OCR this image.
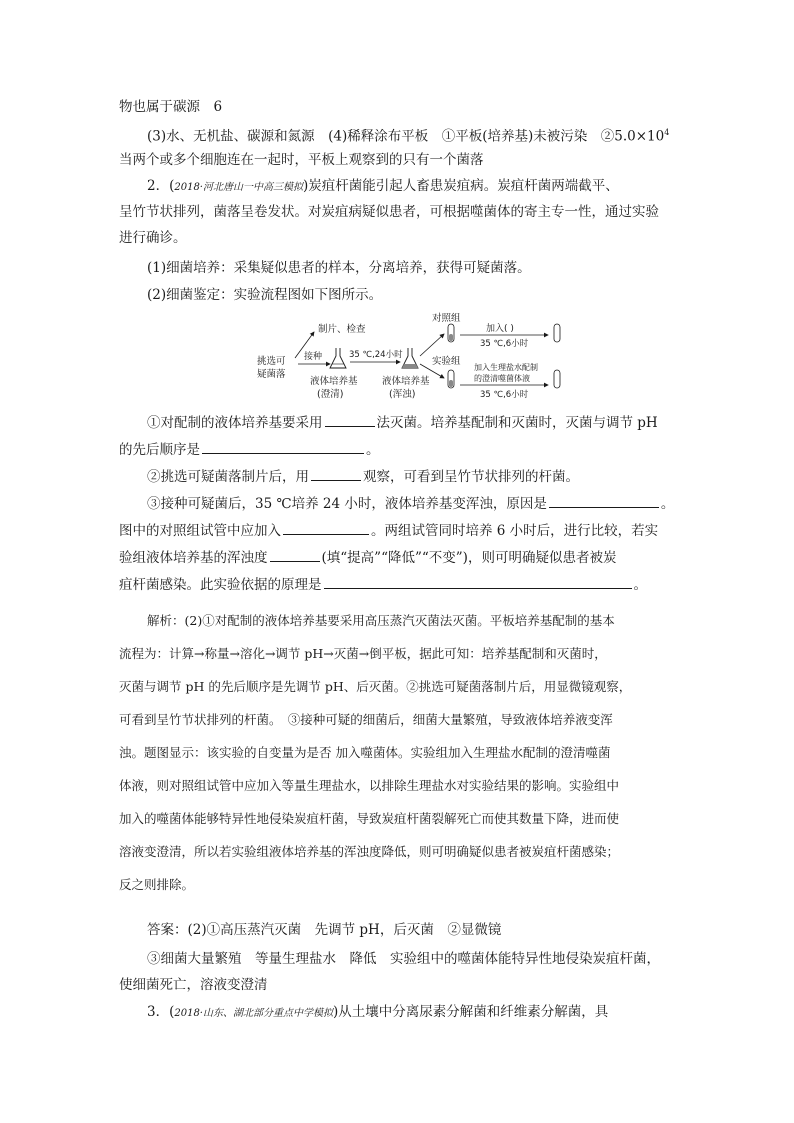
物也属于碳源　6
(3)水、无机盐、碳源和氮源　(4)稀释涂布平板　①平板(培养基)未被污染　$②5.0\times 10^4$
当两个或多个细胞连在一起时，平板上观察到的只有一个菌落
2．(2018·河北唐山一中高三模拟)炭疽杆菌能引起人畜患炭疽病。炭疽杆菌两端截平、
呈竹节状排列，菌落呈卷发状。对炭疽病疑似患者，可根据噬菌体的寄主专一性，通过实验
进行确诊。
(1)细菌培养：采集疑似患者的样本，分离培养，获得可疑菌落。
(2)细菌鉴定：实验流程图如下图所示。
挑选可
疑菌落
制片、检查
接种
液体培养基
(澄清)
35 ℃,24小时
液体培养基
(浑浊)
对照组
加入( )
35 ℃,6小时
实验组
加入生理盐水配制
的澄清噬菌体液
35 ℃,6小时
①对配制的液体培养基要采用	法灭菌。培养基配制和灭菌时，灭菌与调节 pH
的先后顺序是	。
②挑选可疑菌落制片后，用	观察，可看到呈竹节状排列的杆菌。
③接种可疑菌后，35 ℃培养 24 小时，液体培养基变浑浊，原因是	。
图中的对照组试管中应加入	。两组试管同时培养 6 小时后，进行比较，若实
验组液体培养基的浑浊度	(填“提高”“降低”“不变”)，则可明确疑似患者被炭
疽杆菌感染。此实验依据的原理是	。
解析：(2)①对配制的液体培养基要采用高压蒸汽灭菌法灭菌。平板培养基配制的基本
流程为：计算→称量→溶化→调节 pH→灭菌→倒平板，据此可知：培养基配制和灭菌时，
灭菌与调节 pH 的先后顺序是先调节 pH、后灭菌。②挑选可疑菌落制片后，用显微镜观察，
可看到呈竹节状排列的杆菌。　③接种可疑的细菌后，细菌大量繁殖，导致液体培养液变浑
浊。题图显示：该实验的自变量为是否 加入噬菌体。实验组加入生理盐水配制的澄清噬菌
体液，则对照组试管中应加入等量生理盐水，以排除生理盐水对实验结果的影响。实验组中
加入的噬菌体能够特异性地侵染炭疽杆菌，导致炭疽杆菌裂解死亡而使其数量下降，进而使
溶液变澄清，所以若实验组液体培养基的浑浊度降低，则可明确疑似患者被炭疽杆菌感染；
反之则排除。
答案：(2)①高压蒸汽灭菌　先调节 pH，后灭菌　②显微镜
③细菌大量繁殖　等量生理盐水　降低　实验组中的噬菌体能特异性地侵染炭疽杆菌，
使细菌死亡，溶液变澄清
3．(2018·山东、湖北部分重点中学模拟)从土壤中分离尿素分解菌和纤维素分解菌，具
